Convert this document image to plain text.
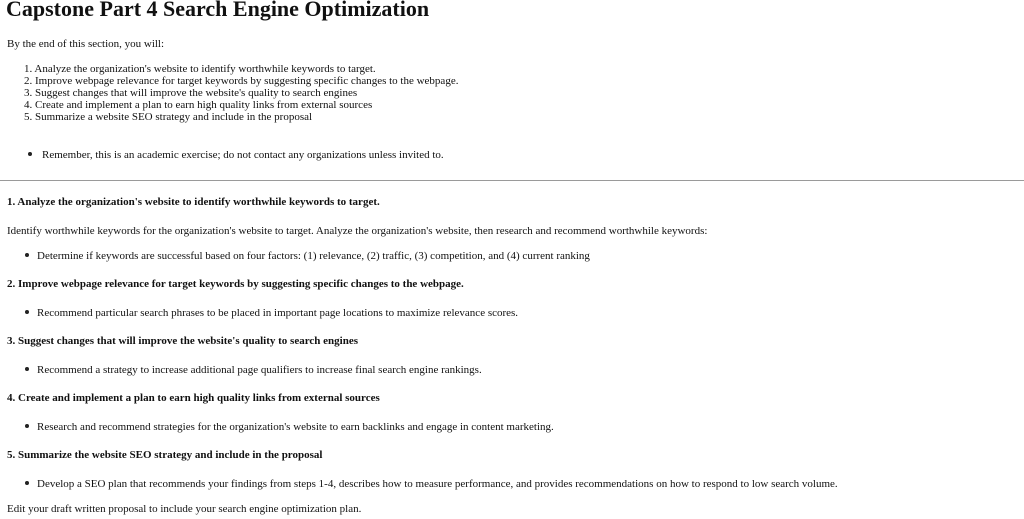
Capstone Part 4 Search Engine Optimization

By the end of this section, you will:

1. Analyze the organization's website to identify worthwhile keywords to target.
2. Improve webpage relevance for target keywords by suggesting specific changes to the webpage.
3. Suggest changes that will improve the website's quality to search engines
4. Create and implement a plan to earn high quality links from external sources
5. Summarize a website SEO strategy and include in the proposal
Remember, this is an academic exercise; do not contact any organizations unless invited to.

1. Analyze the organization's website to identify worthwhile keywords to target.

Identify worthwhile keywords for the organization's website to target. Analyze the organization's website, then research and recommend worthwhile keywords:

Determine if keywords are successful based on four factors: (1) relevance, (2) traffic, (3) competition, and (4) current ranking

2. Improve webpage relevance for target keywords by suggesting specific changes to the webpage.

Recommend particular search phrases to be placed in important page locations to maximize relevance scores.

3. Suggest changes that will improve the website's quality to search engines

Recommend a strategy to increase additional page qualifiers to increase final search engine rankings.

4. Create and implement a plan to earn high quality links from external sources

Research and recommend strategies for the organization's website to earn backlinks and engage in content marketing.

5. Summarize the website SEO strategy and include in the proposal

Develop a SEO plan that recommends your findings from steps 1-4, describes how to measure performance, and provides recommendations on how to respond to low search volume.

Edit your draft written proposal to include your search engine optimization plan.
